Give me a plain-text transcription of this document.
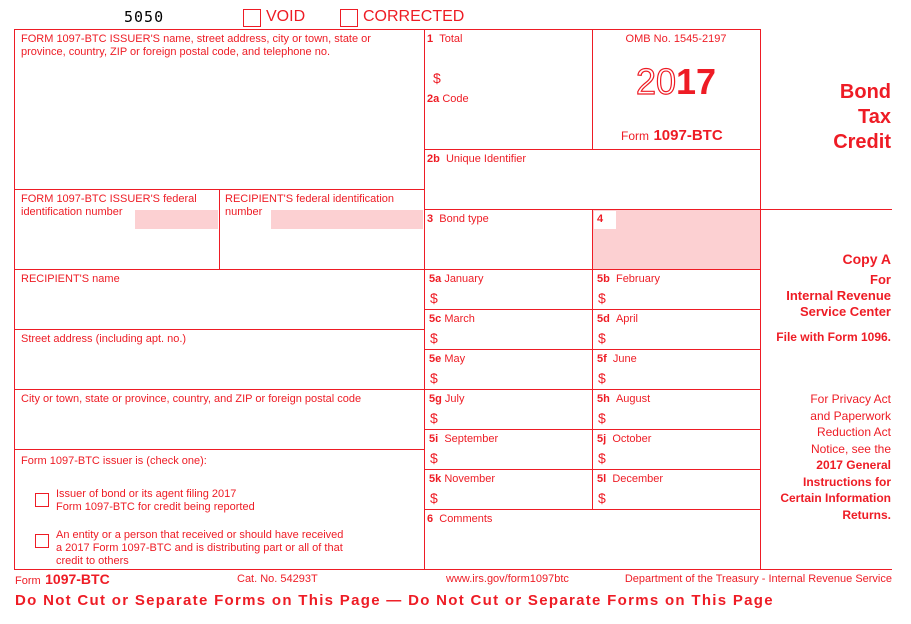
5050	VOID	CORRECTED
FORM 1097-BTC ISSUER'S name, street address, city or town, state or province, country, ZIP or foreign postal code, and telephone no.
FORM 1097-BTC ISSUER'S federal identification number
RECIPIENT'S federal identification number
RECIPIENT'S name
Street address (including apt. no.)
City or town, state or province, country, and ZIP or foreign postal code
Form 1097-BTC issuer is (check one):
Issuer of bond or its agent filing 2017
Form 1097-BTC for credit being reported
An entity or a person that received or should have received
a 2017 Form 1097-BTC and is distributing part or all of that
credit to others
1 Total
$
2a Code
2b Unique Identifier
OMB No. 1545-2197
2017
Form 1097-BTC
3 Bond type	4
5a January
$
5b February
$
5c March
$
5d April
$
5e May
$
5f June
$
5g July
$
5h August
$
5i September
$
5j October
$
5k November
$
5l December
$
6 Comments
Bond
Tax
Credit
Copy A
For
Internal Revenue
Service Center
File with Form 1096.
For Privacy Act
and Paperwork
Reduction Act
Notice, see the
2017 General
Instructions for
Certain Information
Returns.
Form 1097-BTC	Cat. No. 54293T	www.irs.gov/form1097btc	Department of the Treasury - Internal Revenue Service
Do Not Cut or Separate Forms on This Page — Do Not Cut or Separate Forms on This Page
